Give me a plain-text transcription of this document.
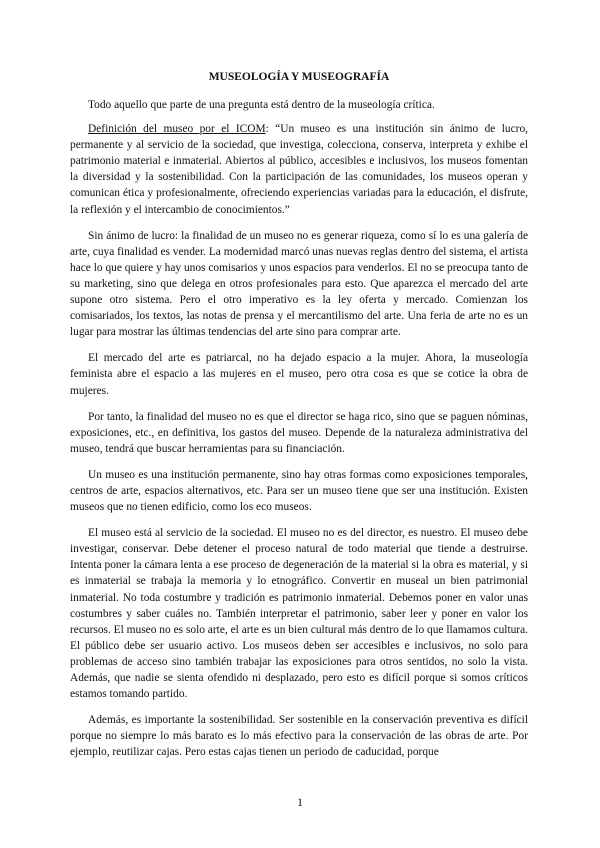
MUSEOLOGÍA Y MUSEOGRAFÍA

Todo aquello que parte de una pregunta está dentro de la museología crítica.

Definición del museo por el ICOM: “Un museo es una institución sin ánimo de lucro, permanente y al servicio de la sociedad, que investiga, colecciona, conserva, interpreta y exhibe el patrimonio material e inmaterial. Abiertos al público, accesibles e inclusivos, los museos fomentan la diversidad y la sostenibilidad. Con la participación de las comunidades, los museos operan y comunican ética y profesionalmente, ofreciendo experiencias variadas para la educación, el disfrute, la reflexión y el intercambio de conocimientos.”

Sin ánimo de lucro: la finalidad de un museo no es generar riqueza, como sí lo es una galería de arte, cuya finalidad es vender. La modernidad marcó unas nuevas reglas dentro del sistema, el artista hace lo que quiere y hay unos comisarios y unos espacios para venderlos. El no se preocupa tanto de su marketing, sino que delega en otros profesionales para esto. Que aparezca el mercado del arte supone otro sistema. Pero el otro imperativo es la ley oferta y mercado. Comienzan los comisariados, los textos, las notas de prensa y el mercantilismo del arte. Una feria de arte no es un lugar para mostrar las últimas tendencias del arte sino para comprar arte.

El mercado del arte es patriarcal, no ha dejado espacio a la mujer. Ahora, la museología feminista abre el espacio a las mujeres en el museo, pero otra cosa es que se cotice la obra de mujeres.

Por tanto, la finalidad del museo no es que el director se haga rico, sino que se paguen nóminas, exposiciones, etc., en definitiva, los gastos del museo. Depende de la naturaleza administrativa del museo, tendrá que buscar herramientas para su financiación.

Un museo es una institución permanente, sino hay otras formas como exposiciones temporales, centros de arte, espacios alternativos, etc. Para ser un museo tiene que ser una institución. Existen museos que no tienen edificio, como los eco museos.

El museo está al servicio de la sociedad. El museo no es del director, es nuestro. El museo debe investigar, conservar. Debe detener el proceso natural de todo material que tiende a destruirse. Intenta poner la cámara lenta a ese proceso de degeneración de la material si la obra es material, y si es inmaterial se trabaja la memoria y lo etnográfico. Convertir en museal un bien patrimonial inmaterial. No toda costumbre y tradición es patrimonio inmaterial. Debemos poner en valor unas costumbres y saber cuáles no. También interpretar el patrimonio, saber leer y poner en valor los recursos. El museo no es solo arte, el arte es un bien cultural más dentro de lo que llamamos cultura. El público debe ser usuario activo. Los museos deben ser accesibles e inclusivos, no solo para problemas de acceso sino también trabajar las exposiciones para otros sentidos, no solo la vista. Además, que nadie se sienta ofendido ni desplazado, pero esto es difícil porque si somos críticos estamos tomando partido.

Además, es importante la sostenibilidad. Ser sostenible en la conservación preventiva es difícil porque no siempre lo más barato es lo más efectivo para la conservación de las obras de arte. Por ejemplo, reutilizar cajas. Pero estas cajas tienen un periodo de caducidad, porque

1
